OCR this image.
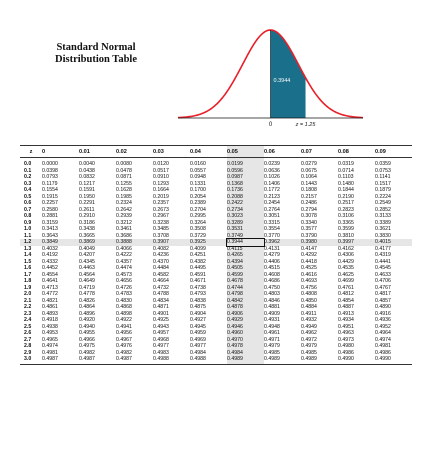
Standard Normal
Distribution Table
0.3944
0	z = 1.25
z	0	0.01	0.02	0.03	0.04	0.05	0.06	0.07	0.08	0.09
0.0	0.0000	0.0040	0.0080	0.0120	0.0160	0.0199	0.0239	0.0279	0.0319	0.0359
0.1	0.0398	0.0438	0.0478	0.0517	0.0557	0.0596	0.0636	0.0675	0.0714	0.0753
0.2	0.0793	0.0832	0.0871	0.0910	0.0948	0.0987	0.1026	0.1064	0.1103	0.1141
0.3	0.1179	0.1217	0.1255	0.1293	0.1331	0.1368	0.1406	0.1443	0.1480	0.1517
0.4	0.1554	0.1591	0.1628	0.1664	0.1700	0.1736	0.1772	0.1808	0.1844	0.1879
0.5	0.1915	0.1950	0.1985	0.2019	0.2054	0.2088	0.2123	0.2157	0.2190	0.2224
0.6	0.2257	0.2291	0.2324	0.2357	0.2389	0.2422	0.2454	0.2486	0.2517	0.2549
0.7	0.2580	0.2611	0.2642	0.2673	0.2704	0.2734	0.2764	0.2794	0.2823	0.2852
0.8	0.2881	0.2910	0.2939	0.2967	0.2995	0.3023	0.3051	0.3078	0.3106	0.3133
0.9	0.3159	0.3186	0.3212	0.3238	0.3264	0.3289	0.3315	0.3340	0.3365	0.3389
1.0	0.3413	0.3438	0.3461	0.3485	0.3508	0.3531	0.3554	0.3577	0.3599	0.3621
1.1	0.3643	0.3665	0.3686	0.3708	0.3729	0.3749	0.3770	0.3790	0.3810	0.3830
1.2	0.3849	0.3869	0.3888	0.3907	0.3925	0.3944	0.3962	0.3980	0.3997	0.4015
1.3	0.4032	0.4049	0.4066	0.4082	0.4099	0.4115	0.4131	0.4147	0.4162	0.4177
1.4	0.4192	0.4207	0.4222	0.4236	0.4251	0.4265	0.4279	0.4292	0.4306	0.4319
1.5	0.4332	0.4345	0.4357	0.4370	0.4382	0.4394	0.4406	0.4418	0.4429	0.4441
1.6	0.4452	0.4463	0.4474	0.4484	0.4495	0.4505	0.4515	0.4525	0.4535	0.4545
1.7	0.4554	0.4564	0.4573	0.4582	0.4591	0.4599	0.4608	0.4616	0.4625	0.4633
1.8	0.4641	0.4649	0.4656	0.4664	0.4671	0.4678	0.4686	0.4693	0.4699	0.4706
1.9	0.4713	0.4719	0.4726	0.4732	0.4738	0.4744	0.4750	0.4756	0.4761	0.4767
2.0	0.4772	0.4778	0.4783	0.4788	0.4793	0.4798	0.4803	0.4808	0.4812	0.4817
2.1	0.4821	0.4826	0.4830	0.4834	0.4838	0.4842	0.4846	0.4850	0.4854	0.4857
2.2	0.4861	0.4864	0.4868	0.4871	0.4875	0.4878	0.4881	0.4884	0.4887	0.4890
2.3	0.4893	0.4896	0.4898	0.4901	0.4904	0.4906	0.4909	0.4911	0.4913	0.4916
2.4	0.4918	0.4920	0.4922	0.4925	0.4927	0.4929	0.4931	0.4932	0.4934	0.4936
2.5	0.4938	0.4940	0.4941	0.4943	0.4945	0.4946	0.4948	0.4949	0.4951	0.4952
2.6	0.4953	0.4955	0.4956	0.4957	0.4959	0.4960	0.4961	0.4962	0.4963	0.4964
2.7	0.4965	0.4966	0.4967	0.4968	0.4969	0.4970	0.4971	0.4972	0.4973	0.4974
2.8	0.4974	0.4975	0.4976	0.4977	0.4977	0.4978	0.4979	0.4979	0.4980	0.4981
2.9	0.4981	0.4982	0.4982	0.4983	0.4984	0.4984	0.4985	0.4985	0.4986	0.4986
3.0	0.4987	0.4987	0.4987	0.4988	0.4988	0.4989	0.4989	0.4989	0.4990	0.4990
